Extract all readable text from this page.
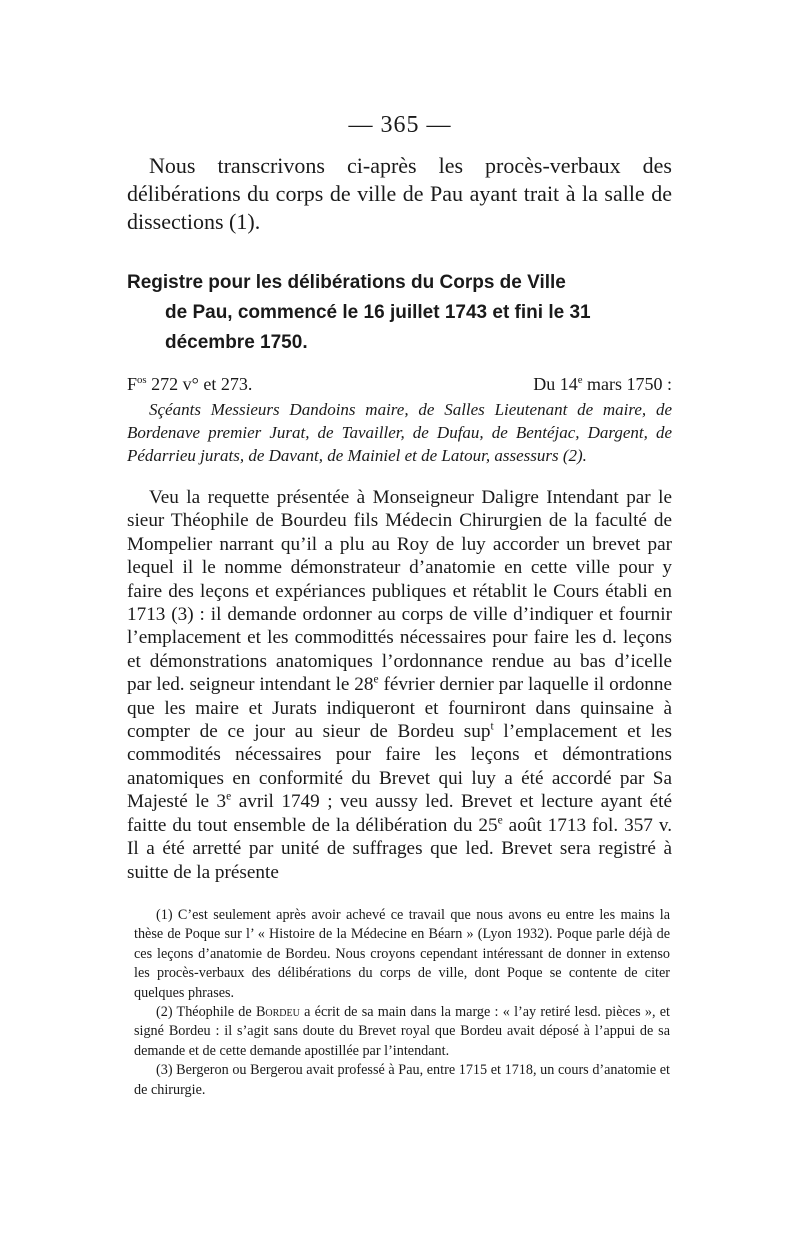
— 365 —

Nous transcrivons ci-après les procès-verbaux des délibérations du corps de ville de Pau ayant trait à la salle de dissections (1).

Registre pour les délibérations du Corps de Ville
de Pau, commencé le 16 juillet 1743 et fini le 31 décembre 1750.
$F^{os}$ 272 v° et 273.	Du 14e mars 1750 :

Sçéants Messieurs Dandoins maire, de Salles Lieutenant de maire, de Bordenave premier Jurat, de Tavailler, de Dufau, de Bentéjac, Dargent, de Pédarrieu jurats, de Davant, de Mainiel et de Latour, assessurs (2).

Veu la requette présentée à Monseigneur Daligre Intendant par le sieur Théophile de Bourdeu fils Médecin Chirurgien de la faculté de Mompelier narrant qu’il a plu au Roy de luy accorder un brevet par lequel il le nomme démonstrateur d’anatomie en cette ville pour y faire des leçons et expériances publiques et rétablit le Cours établi en 1713 (3) : il demande ordonner au corps de ville d’indiquer et fournir l’emplacement et les commodittés nécessaires pour faire les d. leçons et démonstrations anatomiques l’ordonnance rendue au bas d’icelle par led. seigneur intendant le 28e février dernier par laquelle il ordonne que les maire et Jurats indiqueront et fourniront dans quinsaine à compter de ce jour au sieur de Bordeu sup$^t$ l’emplacement et les commodités nécessaires pour faire les leçons et démontrations anatomiques en conformité du Brevet qui luy a été accordé par Sa Majesté le 3e avril 1749 ; veu aussy led. Brevet et lecture ayant été faitte du tout ensemble de la délibération du 25e août 1713 fol. 357 v. Il a été arretté par unité de suffrages que led. Brevet sera registré à suitte de la présente

(1) C’est seulement après avoir achevé ce travail que nous avons eu entre les mains la thèse de Poque sur l’ « Histoire de la Médecine en Béarn » (Lyon 1932). Poque parle déjà de ces leçons d’anatomie de Bordeu. Nous croyons cependant intéressant de donner in extenso les procès-verbaux des délibérations du corps de ville, dont Poque se contente de citer quelques phrases.

(2) Théophile de Bordeu a écrit de sa main dans la marge : « l’ay retiré lesd. pièces », et signé Bordeu : il s’agit sans doute du Brevet royal que Bordeu avait déposé à l’appui de sa demande et de cette demande apostillée par l’intendant.

(3) Bergeron ou Bergerou avait professé à Pau, entre 1715 et 1718, un cours d’anatomie et de chirurgie.
